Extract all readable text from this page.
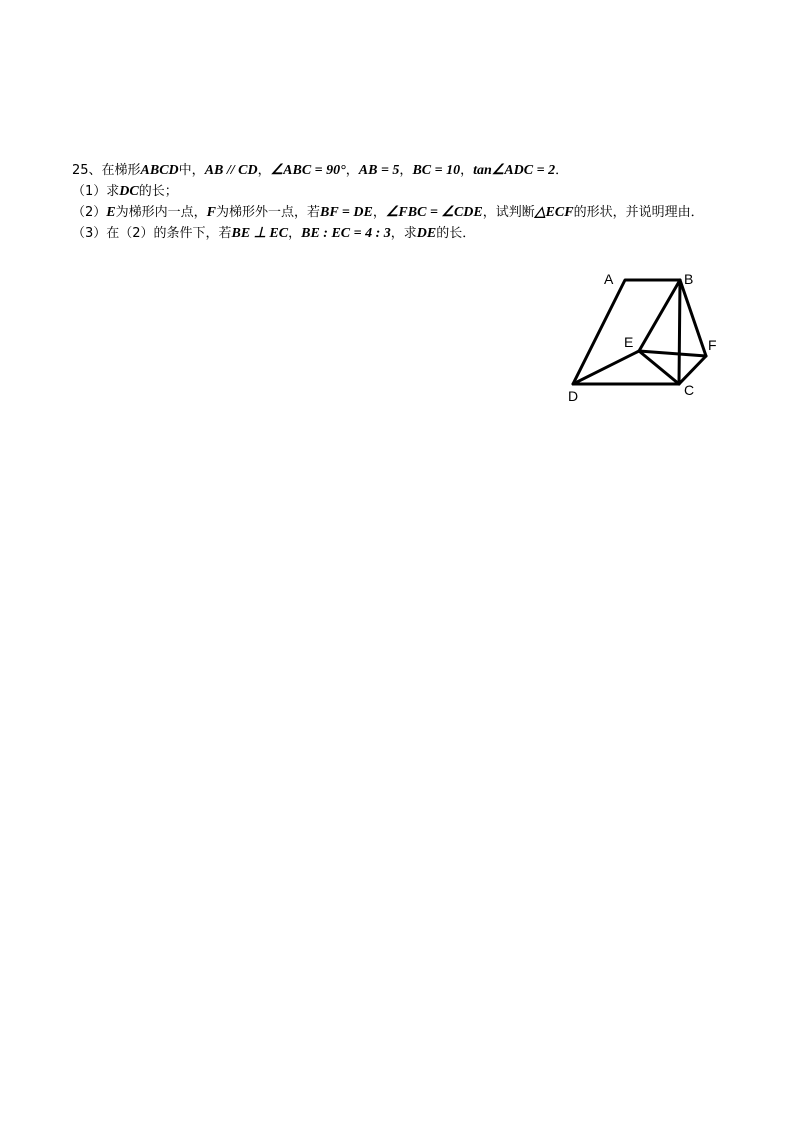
25、在梯形ABCD中，AB // CD，∠ABC = 90°，AB = 5，BC = 10，tan∠ADC = 2．
（1）求DC的长；
（2）E为梯形内一点，F为梯形外一点，若BF = DE，∠FBC = ∠CDE，试判断△ECF的形状，并说明理由．
（3）在（2）的条件下，若BE ⊥ EC，BE : EC = 4 : 3，求DE的长．
A	B
E	F
D	C
